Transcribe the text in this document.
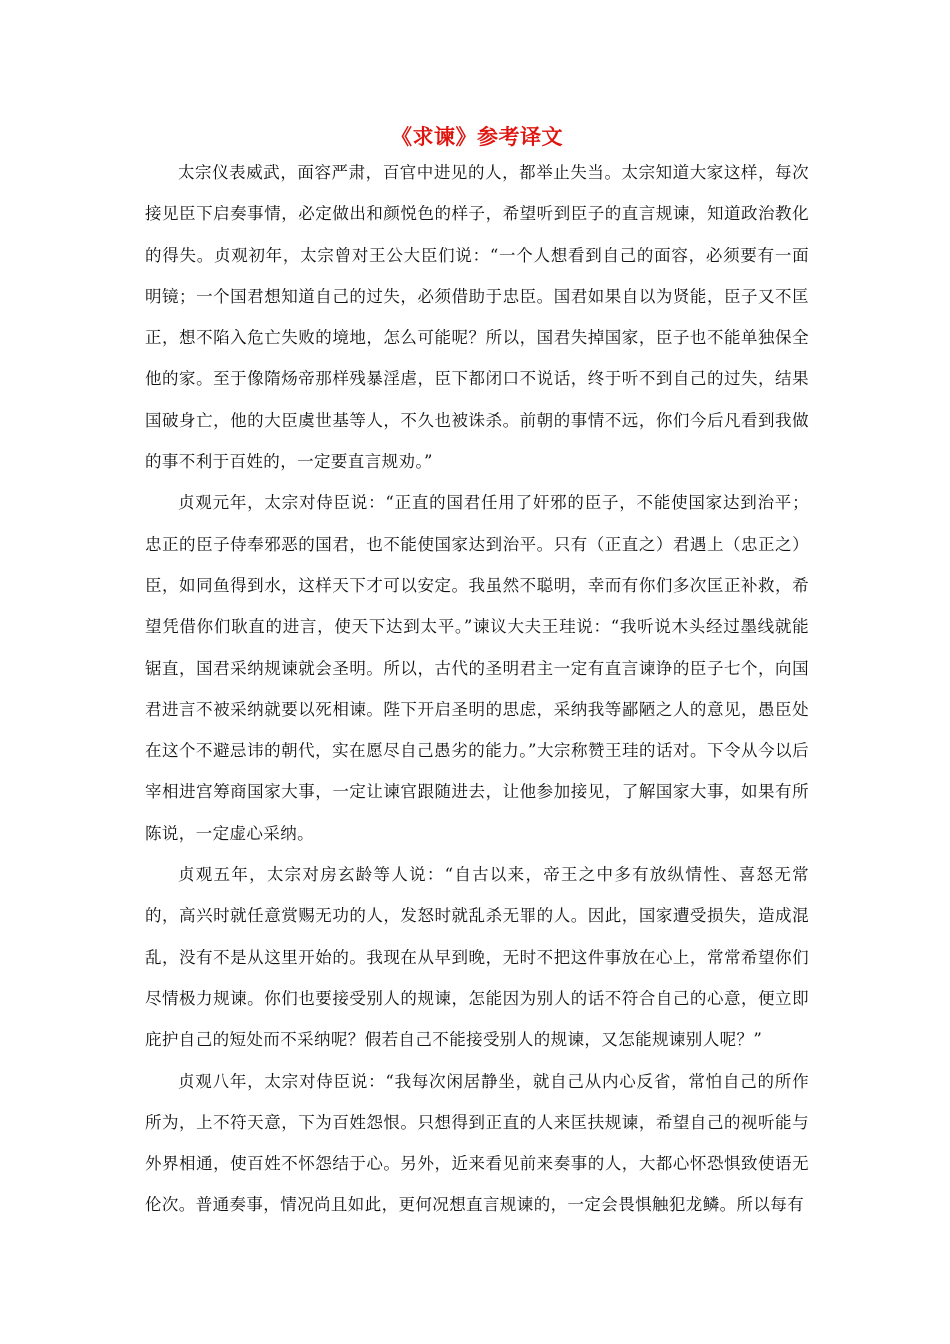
《求谏》参考译文

太宗仪表威武，面容严肃，百官中进见的人，都举止失当。太宗知道大家这样，每次接见臣下启奏事情，必定做出和颜悦色的样子，希望听到臣子的直言规谏，知道政治教化的得失。贞观初年，太宗曾对王公大臣们说：“一个人想看到自己的面容，必须要有一面明镜；一个国君想知道自己的过失，必须借助于忠臣。国君如果自以为贤能，臣子又不匡正，想不陷入危亡失败的境地，怎么可能呢？所以，国君失掉国家，臣子也不能单独保全他的家。至于像隋炀帝那样残暴淫虐，臣下都闭口不说话，终于听不到自己的过失，结果国破身亡，他的大臣虞世基等人，不久也被诛杀。前朝的事情不远，你们今后凡看到我做的事不利于百姓的，一定要直言规劝。”

贞观元年，太宗对侍臣说：“正直的国君任用了奸邪的臣子，不能使国家达到治平；忠正的臣子侍奉邪恶的国君，也不能使国家达到治平。只有（正直之）君遇上（忠正之）臣，如同鱼得到水，这样天下才可以安定。我虽然不聪明，幸而有你们多次匡正补救，希望凭借你们耿直的进言，使天下达到太平。”谏议大夫王珪说：“我听说木头经过墨线就能锯直，国君采纳规谏就会圣明。所以，古代的圣明君主一定有直言谏诤的臣子七个，向国君进言不被采纳就要以死相谏。陛下开启圣明的思虑，采纳我等鄙陋之人的意见，愚臣处在这个不避忌讳的朝代，实在愿尽自己愚劣的能力。”大宗称赞王珪的话对。下令从今以后宰相进宫筹商国家大事，一定让谏官跟随进去，让他参加接见，了解国家大事，如果有所陈说，一定虚心采纳。

贞观五年，太宗对房玄龄等人说：“自古以来，帝王之中多有放纵情性、喜怒无常的，高兴时就任意赏赐无功的人，发怒时就乱杀无罪的人。因此，国家遭受损失，造成混乱，没有不是从这里开始的。我现在从早到晚，无时不把这件事放在心上，常常希望你们尽情极力规谏。你们也要接受别人的规谏，怎能因为别人的话不符合自己的心意，便立即庇护自己的短处而不采纳呢？假若自己不能接受别人的规谏，又怎能规谏别人呢？”

贞观八年，太宗对侍臣说：“我每次闲居静坐，就自己从内心反省，常怕自己的所作所为，上不符天意，下为百姓怨恨。只想得到正直的人来匡扶规谏，希望自己的视听能与外界相通，使百姓不怀怨结于心。另外，近来看见前来奏事的人，大都心怀恐惧致使语无伦次。普通奏事，情况尚且如此，更何况想直言规谏的，一定会畏惧触犯龙鳞。所以每有
